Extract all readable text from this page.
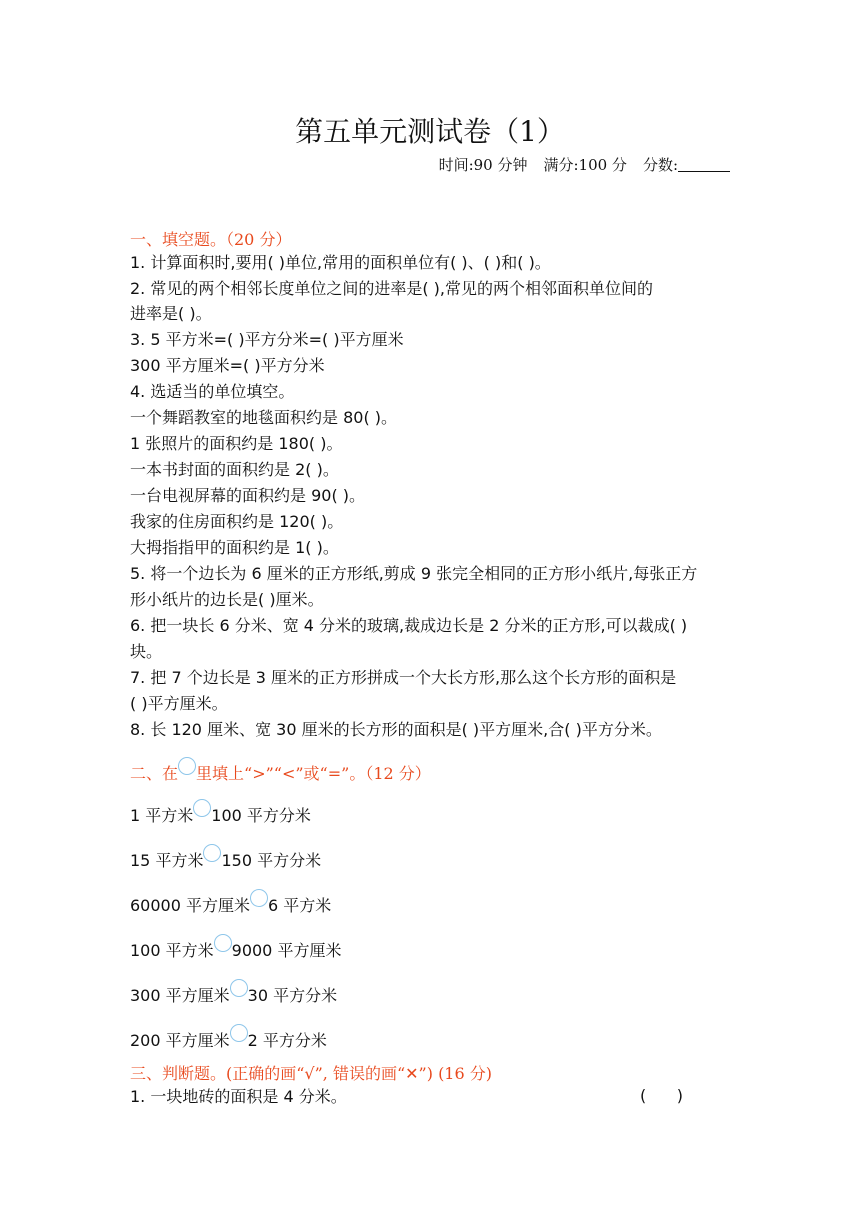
第五单元测试卷（1）
时间:90 分钟 满分:100 分 分数:
一、填空题。（20 分）
1. 计算面积时,要用( )单位,常用的面积单位有( )、( )和( )。
2. 常见的两个相邻长度单位之间的进率是( ),常见的两个相邻面积单位间的
进率是( )。
3. 5 平方米=( )平方分米=( )平方厘米
300 平方厘米=( )平方分米
4. 选适当的单位填空。
一个舞蹈教室的地毯面积约是 80( )。
1 张照片的面积约是 180( )。
一本书封面的面积约是 2( )。
一台电视屏幕的面积约是 90( )。
我家的住房面积约是 120( )。
大拇指指甲的面积约是 1( )。
5. 将一个边长为 6 厘米的正方形纸,剪成 9 张完全相同的正方形小纸片,每张正方
形小纸片的边长是( )厘米。
6. 把一块长 6 分米、宽 4 分米的玻璃,裁成边长是 2 分米的正方形,可以裁成( )
块。
7. 把 7 个边长是 3 厘米的正方形拼成一个大长方形,那么这个长方形的面积是
( )平方厘米。
8. 长 120 厘米、宽 30 厘米的长方形的面积是( )平方厘米,合( )平方分米。
二、在 里填上“>”“<”或“=”。（12 分）
1 平方米 100 平方分米
15 平方米 150 平方分米
60000 平方厘米 6 平方米
100 平方米 9000 平方厘米
300 平方厘米 30 平方分米
200 平方厘米 2 平方分米
三、判断题。(正确的画“√”, 错误的画“✕”) (16 分)
1. 一块地砖的面积是 4 分米。	(      )
